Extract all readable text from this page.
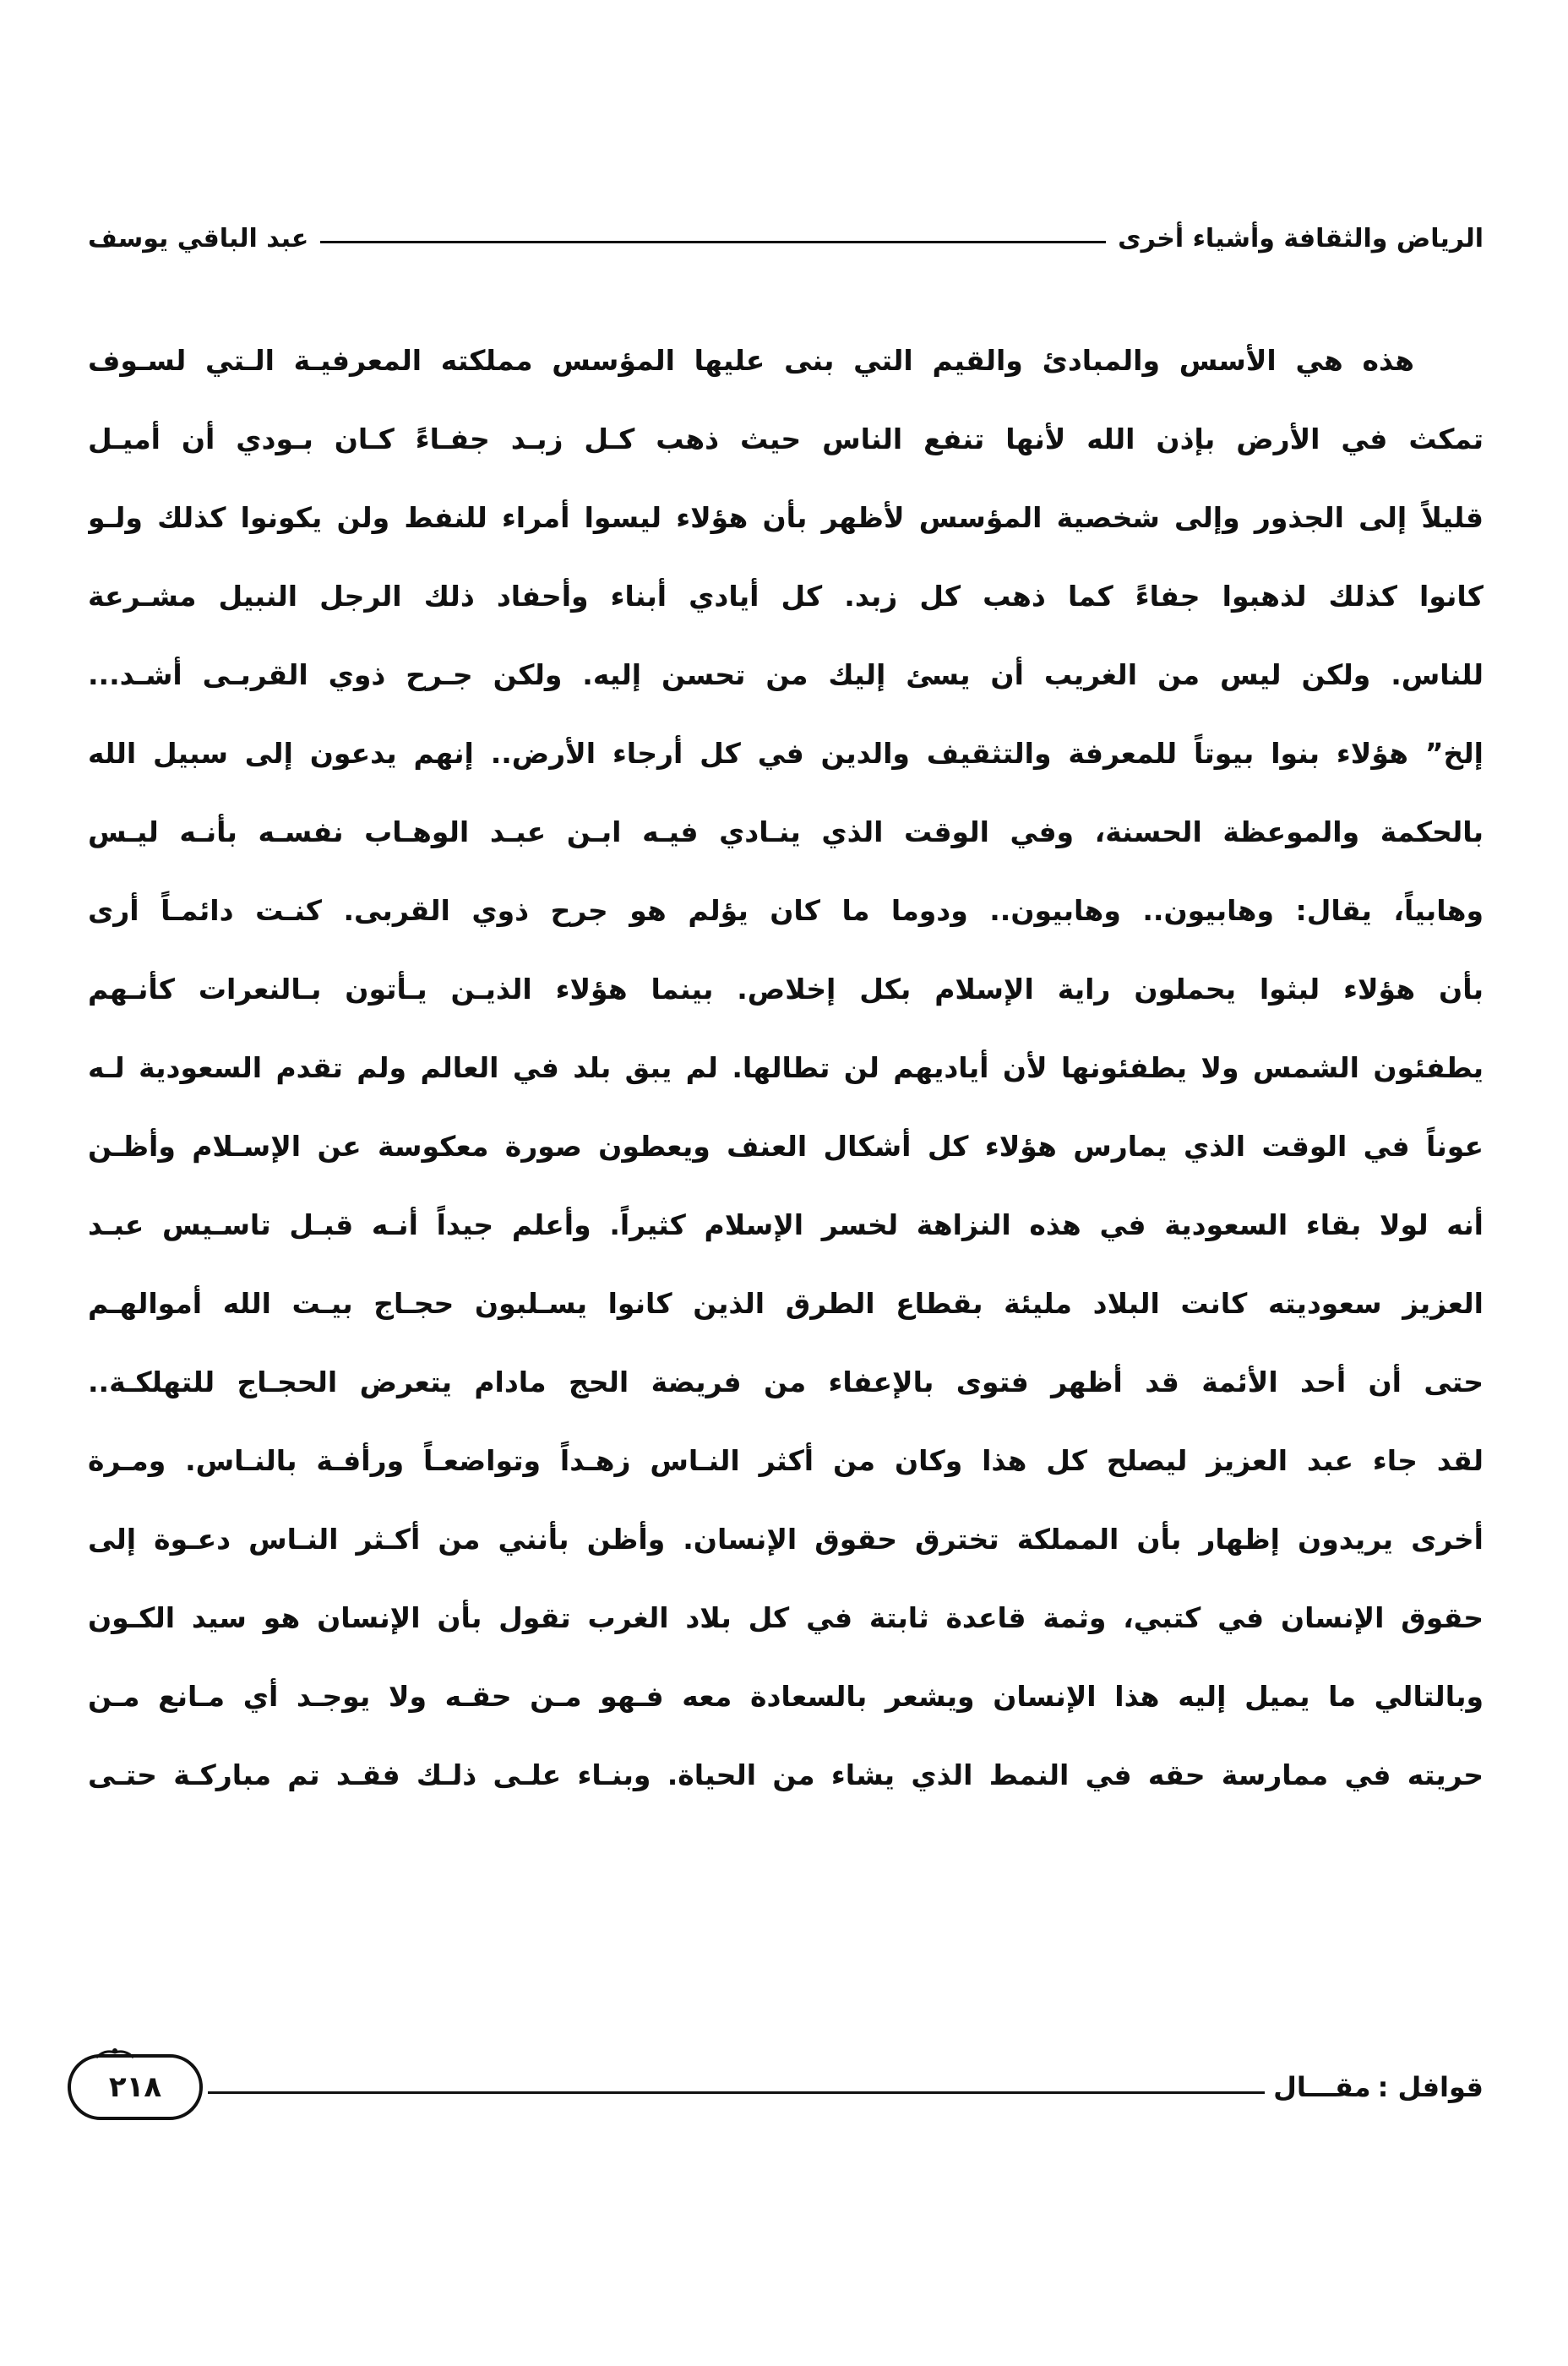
الرياض والثقافة وأشياء أخرى
عبد الباقي يوسف
هذه هي الأسس والمبادئ والقيم التي بنى عليها المؤسس مملكته المعرفيـة الـتي لسـوف
تمكث في الأرض بإذن الله لأنها تنفع الناس حيث ذهب كـل زبـد جفـاءً كـان بـودي أن أميـل
قليلاً إلى الجذور وإلى شخصية المؤسس لأظهر بأن هؤلاء ليسوا أمراء للنفط ولن يكونوا كذلك ولـو
كانوا كذلك لذهبوا جفاءً كما ذهب كل زبد. كل أيادي أبناء وأحفاد ذلك الرجل النبيل مشـرعة
للناس. ولكن ليس من الغريب أن يسئ إليك من تحسن إليه. ولكن جـرح ذوي القربـى أشـد...
إلخ” هؤلاء بنوا بيوتاً للمعرفة والتثقيف والدين في كل أرجاء الأرض.. إنهم يدعون إلى سبيل الله
بالحكمة والموعظة الحسنة، وفي الوقت الذي ينـادي فيـه ابـن عبـد الوهـاب نفسـه بأنـه ليـس
وهابياً، يقال: وهابيون.. وهابيون.. ودوما ما كان يؤلم هو جرح ذوي القربى. كنـت دائمـاً أرى
بأن هؤلاء لبثوا يحملون راية الإسلام بكل إخلاص. بينما هؤلاء الذيـن يـأتون بـالنعرات كأنـهم
يطفئون الشمس ولا يطفئونها لأن أياديهم لن تطالها. لم يبق بلد في العالم ولم تقدم السعودية لـه
عوناً في الوقت الذي يمارس هؤلاء كل أشكال العنف ويعطون صورة معكوسة عن الإسـلام وأظـن
أنه لولا بقاء السعودية في هذه النزاهة لخسر الإسلام كثيراً. وأعلم جيداً أنـه قبـل تاسـيس عبـد
العزيز سعوديته كانت البلاد مليئة بقطاع الطرق الذين كانوا يسـلبون حجـاج بيـت الله أموالهـم
حتى أن أحد الأئمة قد أظهر فتوى بالإعفاء من فريضة الحج مادام يتعرض الحجـاج للتهلكـة..
لقد جاء عبد العزيز ليصلح كل هذا وكان من أكثر النـاس زهـداً وتواضعـاً ورأفـة بالنـاس. ومـرة
أخرى يريدون إظهار بأن المملكة تخترق حقوق الإنسان. وأظن بأنني من أكـثر النـاس دعـوة إلى
حقوق الإنسان في كتبي، وثمة قاعدة ثابتة في كل بلاد الغرب تقول بأن الإنسان هو سيد الكـون
وبالتالي ما يميل إليه هذا الإنسان ويشعر بالسعادة معه فـهو مـن حقـه ولا يوجـد أي مـانع مـن
حريته في ممارسة حقه في النمط الذي يشاء من الحياة. وبنـاء علـى ذلـك فقـد تم مباركـة حتـى
قوافل :
مقـــال
٢١٨
